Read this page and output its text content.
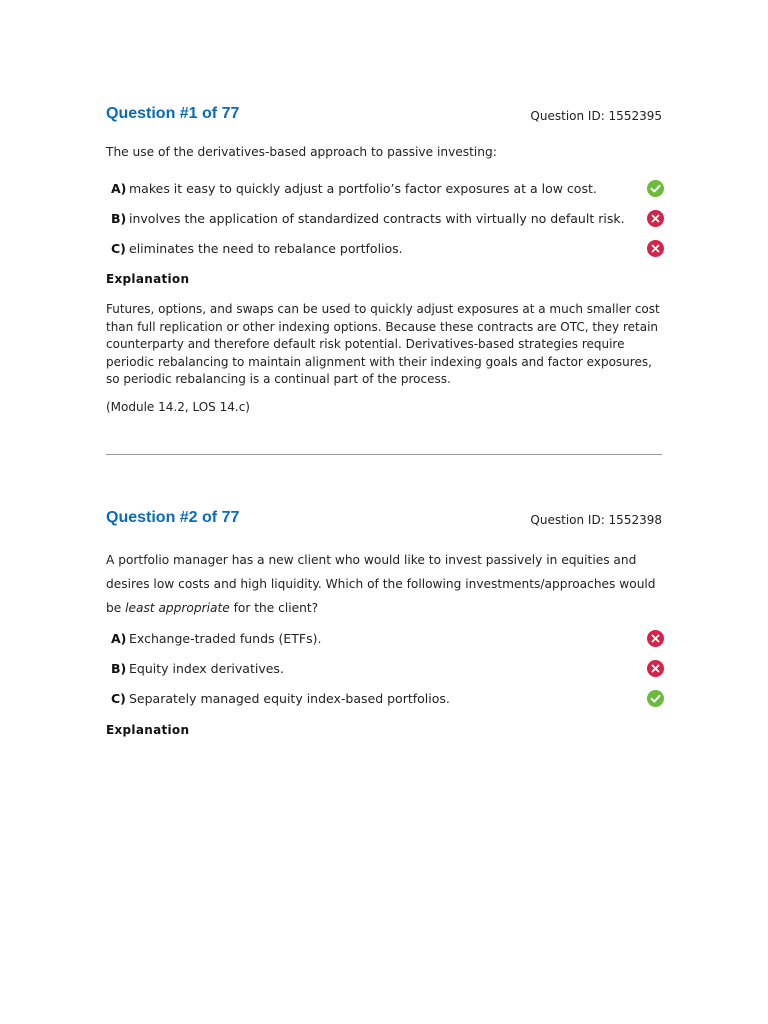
Question #1 of 77	Question ID: 1552395

The use of the derivatives-based approach to passive investing:

A) makes it easy to quickly adjust a portfolio’s factor exposures at a low cost.
B) involves the application of standardized contracts with virtually no default risk.
C) eliminates the need to rebalance portfolios.
Explanation

Futures, options, and swaps can be used to quickly adjust exposures at a much smaller cost than full replication or other indexing options. Because these contracts are OTC, they retain counterparty and therefore default risk potential. Derivatives-based strategies require periodic rebalancing to maintain alignment with their indexing goals and factor exposures, so periodic rebalancing is a continual part of the process.

(Module 14.2, LOS 14.c)
Question #2 of 77	Question ID: 1552398

A portfolio manager has a new client who would like to invest passively in equities and desires low costs and high liquidity. Which of the following investments/approaches would be least appropriate for the client?

A) Exchange-traded funds (ETFs).
B) Equity index derivatives.
C) Separately managed equity index-based portfolios.
Explanation
